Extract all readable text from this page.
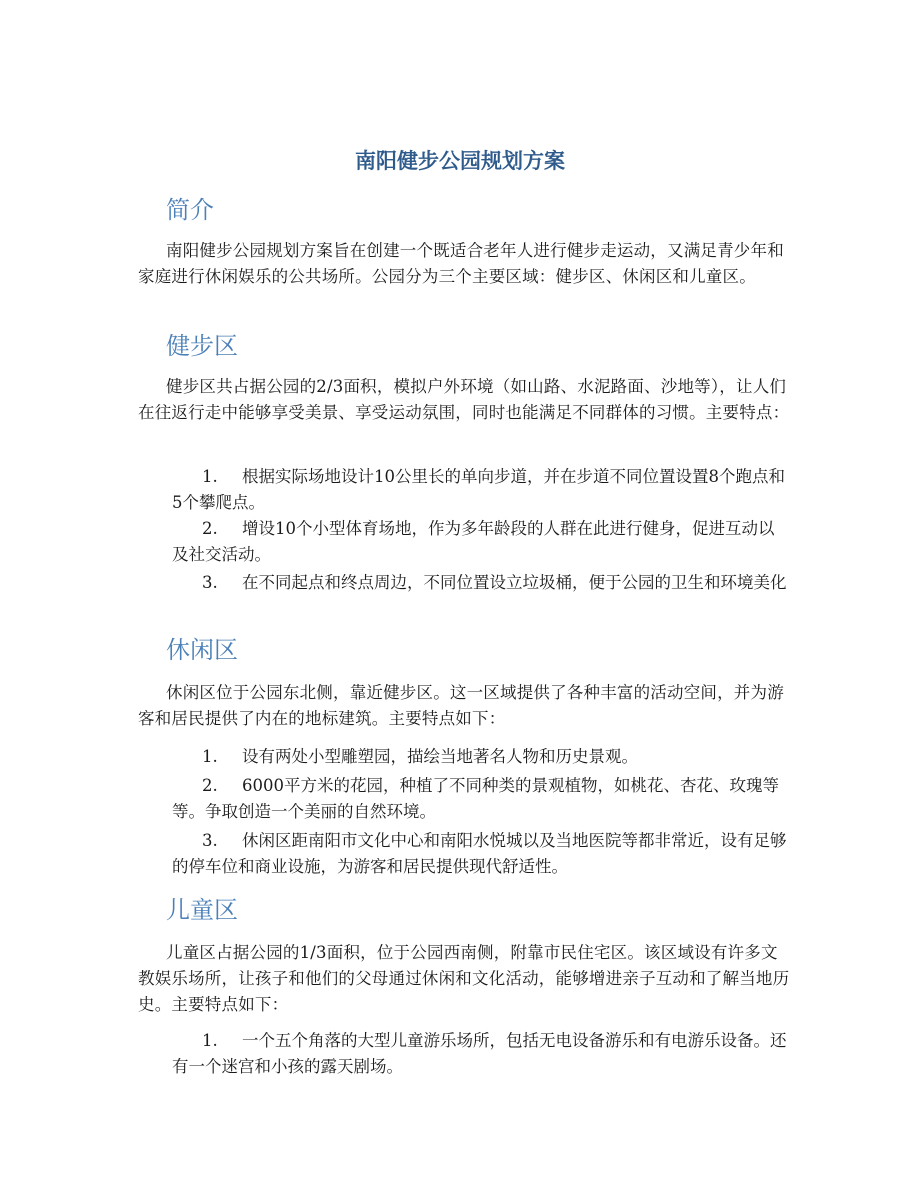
南阳健步公园规划方案
简介
南阳健步公园规划方案旨在创建一个既适合老年人进行健步走运动，又满足青少年和家庭进行休闲娱乐的公共场所。公园分为三个主要区域：健步区、休闲区和儿童区。
健步区
健步区共占据公园的2/3面积，模拟户外环境（如山路、水泥路面、沙地等），让人们在往返行走中能够享受美景、享受运动氛围，同时也能满足不同群体的习惯。主要特点：
1. 根据实际场地设计10公里长的单向步道，并在步道不同位置设置8个跑点和5个攀爬点。
2. 增设10个小型体育场地，作为多年龄段的人群在此进行健身，促进互动以及社交活动。
3. 在不同起点和终点周边，不同位置设立垃圾桶，便于公园的卫生和环境美化
休闲区
休闲区位于公园东北侧，靠近健步区。这一区域提供了各种丰富的活动空间，并为游客和居民提供了内在的地标建筑。主要特点如下：
1. 设有两处小型雕塑园，描绘当地著名人物和历史景观。
2. 6000平方米的花园，种植了不同种类的景观植物，如桃花、杏花、玫瑰等等。争取创造一个美丽的自然环境。
3. 休闲区距南阳市文化中心和南阳水悦城以及当地医院等都非常近，设有足够的停车位和商业设施，为游客和居民提供现代舒适性。
儿童区
儿童区占据公园的1/3面积，位于公园西南侧，附靠市民住宅区。该区域设有许多文教娱乐场所，让孩子和他们的父母通过休闲和文化活动，能够增进亲子互动和了解当地历史。主要特点如下：
1. 一个五个角落的大型儿童游乐场所，包括无电设备游乐和有电游乐设备。还有一个迷宫和小孩的露天剧场。
